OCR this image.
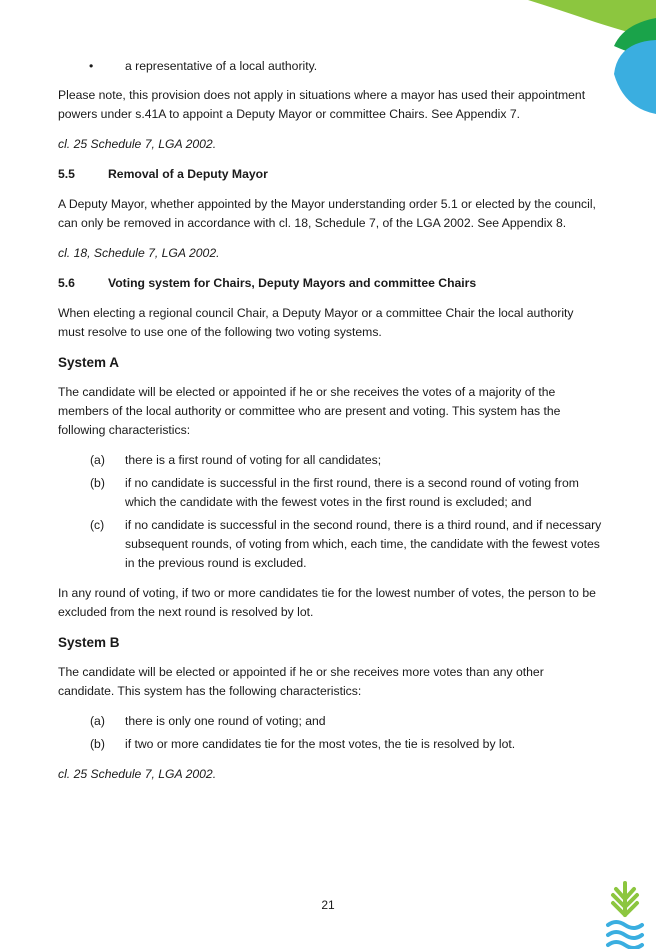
•	a representative of a local authority.

Please note, this provision does not apply in situations where a mayor has used their appointment powers under s.41A to appoint a Deputy Mayor or committee Chairs. See Appendix 7.

cl. 25 Schedule 7, LGA 2002.

5.5	Removal of a Deputy Mayor

A Deputy Mayor, whether appointed by the Mayor understanding order 5.1 or elected by the council, can only be removed in accordance with cl. 18, Schedule 7, of the LGA 2002. See Appendix 8.

cl. 18, Schedule 7, LGA 2002.

5.6	Voting system for Chairs, Deputy Mayors and committee Chairs

When electing a regional council Chair, a Deputy Mayor or a committee Chair the local authority must resolve to use one of the following two voting systems.

System A

The candidate will be elected or appointed if he or she receives the votes of a majority of the members of the local authority or committee who are present and voting. This system has the following characteristics:

(a)	there is a first round of voting for all candidates;
(b)	if no candidate is successful in the first round, there is a second round of voting from which the candidate with the fewest votes in the first round is excluded; and
(c)	if no candidate is successful in the second round, there is a third round, and if necessary subsequent rounds, of voting from which, each time, the candidate with the fewest votes in the previous round is excluded.

In any round of voting, if two or more candidates tie for the lowest number of votes, the person to be excluded from the next round is resolved by lot.

System B

The candidate will be elected or appointed if he or she receives more votes than any other candidate. This system has the following characteristics:

(a)	there is only one round of voting; and
(b)	if two or more candidates tie for the most votes, the tie is resolved by lot.

cl. 25 Schedule 7, LGA 2002.

21
